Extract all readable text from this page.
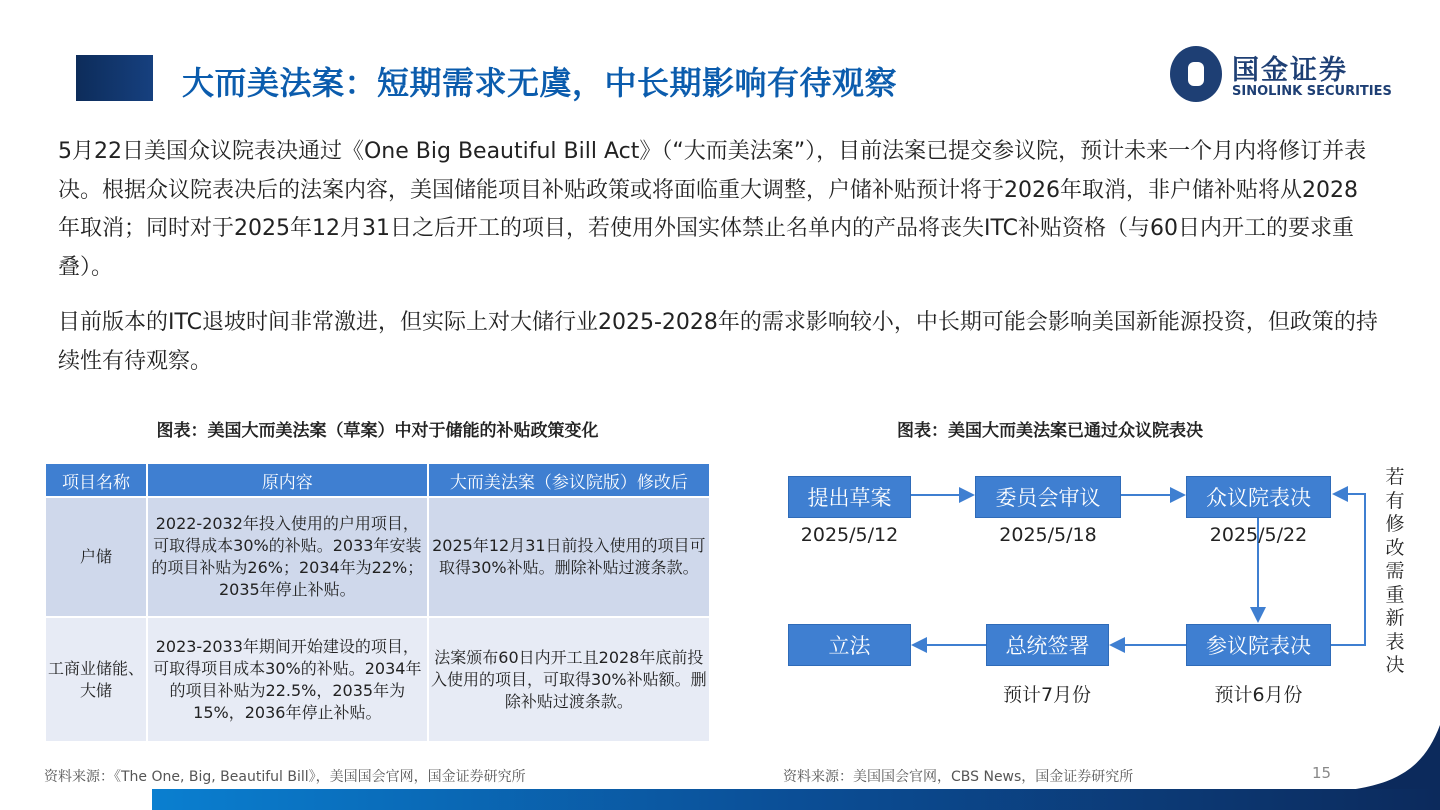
大而美法案：短期需求无虞，中长期影响有待观察	国金证券
SINOLINK SECURITIES
5月22日美国众议院表决通过《One Big Beautiful Bill Act》（“大而美法案”），目前法案已提交参议院，预计未来一个月内将修订并表决。根据众议院表决后的法案内容，美国储能项目补贴政策或将面临重大调整，户储补贴预计将于2026年取消，非户储补贴将从2028年取消；同时对于2025年12月31日之后开工的项目，若使用外国实体禁止名单内的产品将丧失ITC补贴资格（与60日内开工的要求重叠）。
目前版本的ITC退坡时间非常激进，但实际上对大储行业2025-2028年的需求影响较小，中长期可能会影响美国新能源投资，但政策的持续性有待观察。
图表：美国大而美法案（草案）中对于储能的补贴政策变化
项目名称	原内容	大而美法案（参议院版）修改后
户储	2022-2032年投入使用的户用项目，可取得成本30%的补贴。2033年安装的项目补贴为26%；2034年为22%；2035年停止补贴。	2025年12月31日前投入使用的项目可取得30%补贴。删除补贴过渡条款。
工商业储能、大储	2023-2033年期间开始建设的项目，可取得项目成本30%的补贴。2034年的项目补贴为22.5%，2035年为15%，2036年停止补贴。	法案颁布60日内开工且2028年底前投入使用的项目，可取得30%补贴额。删除补贴过渡条款。
图表：美国大而美法案已通过众议院表决
提出草案
2025/5/12
委员会审议
2025/5/18
众议院表决
2025/5/22
参议院表决
预计6月份
总统签署
预计7月份
立法
若有修改需重新表决
资料来源：《The One, Big, Beautiful Bill》，美国国会官网，国金证券研究所	资料来源：美国国会官网，CBS News，国金证券研究所	15
